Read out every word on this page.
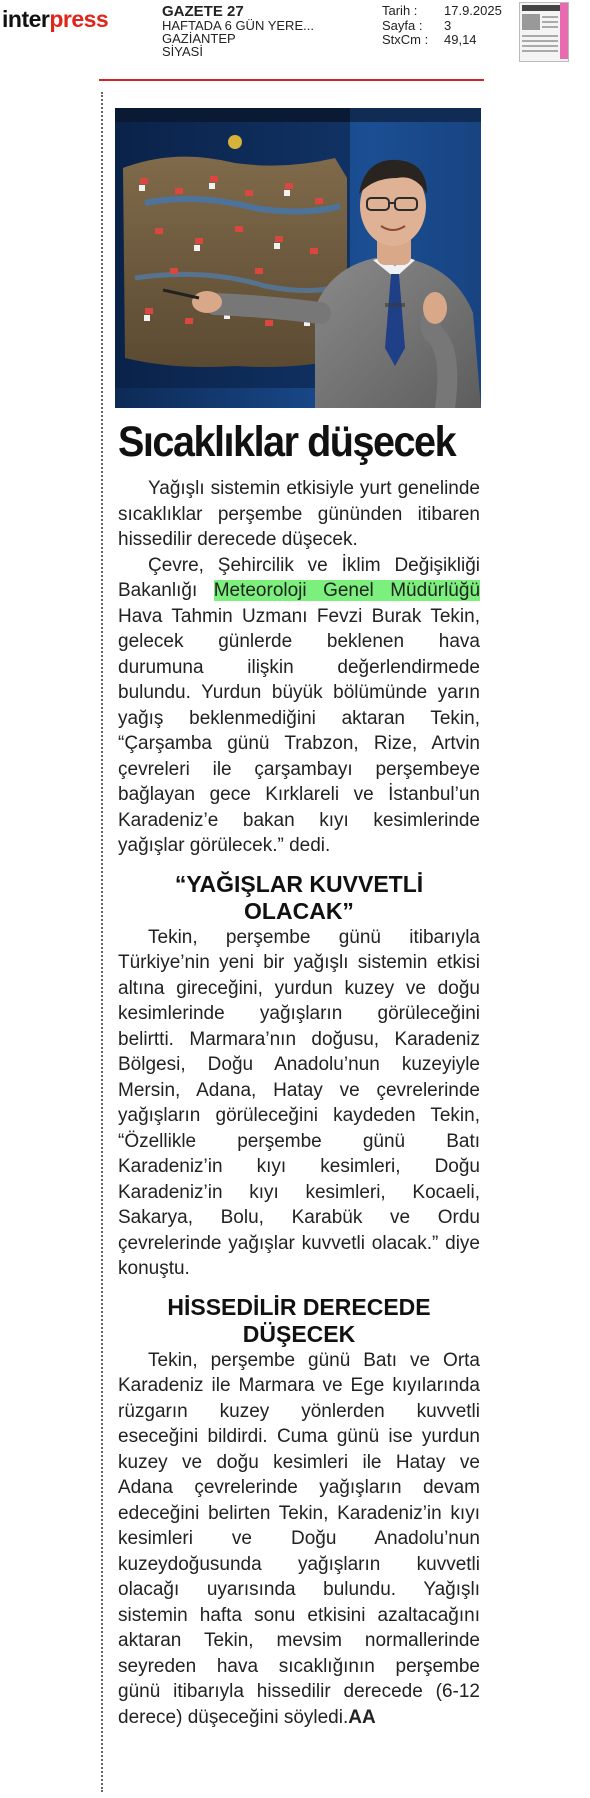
interpress	GAZETE 27
HAFTADA 6 GÜN YERE...
GAZİANTEP
SİYASİ
Tarih :	17.9.2025
Sayfa :	3
StxCm :	49,14
Sıcaklıklar düşecek

Yağışlı sistemin etkisiyle yurt genelinde sıcaklıklar perşembe gününden itibaren hissedilir derecede düşecek.

Çevre, Şehircilik ve İklim Değişikliği Bakanlığı Meteoroloji Genel Müdürlüğü Hava Tahmin Uzmanı Fevzi Burak Tekin, gelecek günlerde beklenen hava durumuna ilişkin değerlendirmede bulundu. Yurdun büyük bölümünde yarın yağış beklenmediğini aktaran Tekin, “Çarşamba günü Trabzon, Rize, Artvin çevreleri ile çarşambayı perşembeye bağlayan gece Kırklareli ve İstanbul’un Karadeniz’e bakan kıyı kesimlerinde yağışlar görülecek.” dedi.

“YAĞIŞLAR KUVVETLİ OLACAK”

Tekin, perşembe günü itibarıyla Türkiye’nin yeni bir yağışlı sistemin etkisi altına gireceğini, yurdun kuzey ve doğu kesimlerinde yağışların görüleceğini belirtti. Marmara’nın doğusu, Karadeniz Bölgesi, Doğu Anadolu’nun kuzeyiyle Mersin, Adana, Hatay ve çevrelerinde yağışların görüleceğini kaydeden Tekin, “Özellikle perşembe günü Batı Karadeniz’in kıyı kesimleri, Doğu Karadeniz’in kıyı kesimleri, Kocaeli, Sakarya, Bolu, Karabük ve Ordu çevrelerinde yağışlar kuvvetli olacak.” diye konuştu.

HİSSEDİLİR DERECEDE DÜŞECEK

Tekin, perşembe günü Batı ve Orta Karadeniz ile Marmara ve Ege kıyılarında rüzgarın kuzey yönlerden kuvvetli eseceğini bildirdi. Cuma günü ise yurdun kuzey ve doğu kesimleri ile Hatay ve Adana çevrelerinde yağışların devam edeceğini belirten Tekin, Karadeniz’in kıyı kesimleri ve Doğu Anadolu’nun kuzeydoğusunda yağışların kuvvetli olacağı uyarısında bulundu. Yağışlı sistemin hafta sonu etkisini azaltacağını aktaran Tekin, mevsim normallerinde seyreden hava sıcaklığının perşembe günü itibarıyla hissedilir derecede (6-12 derece) düşeceğini söyledi.AA
